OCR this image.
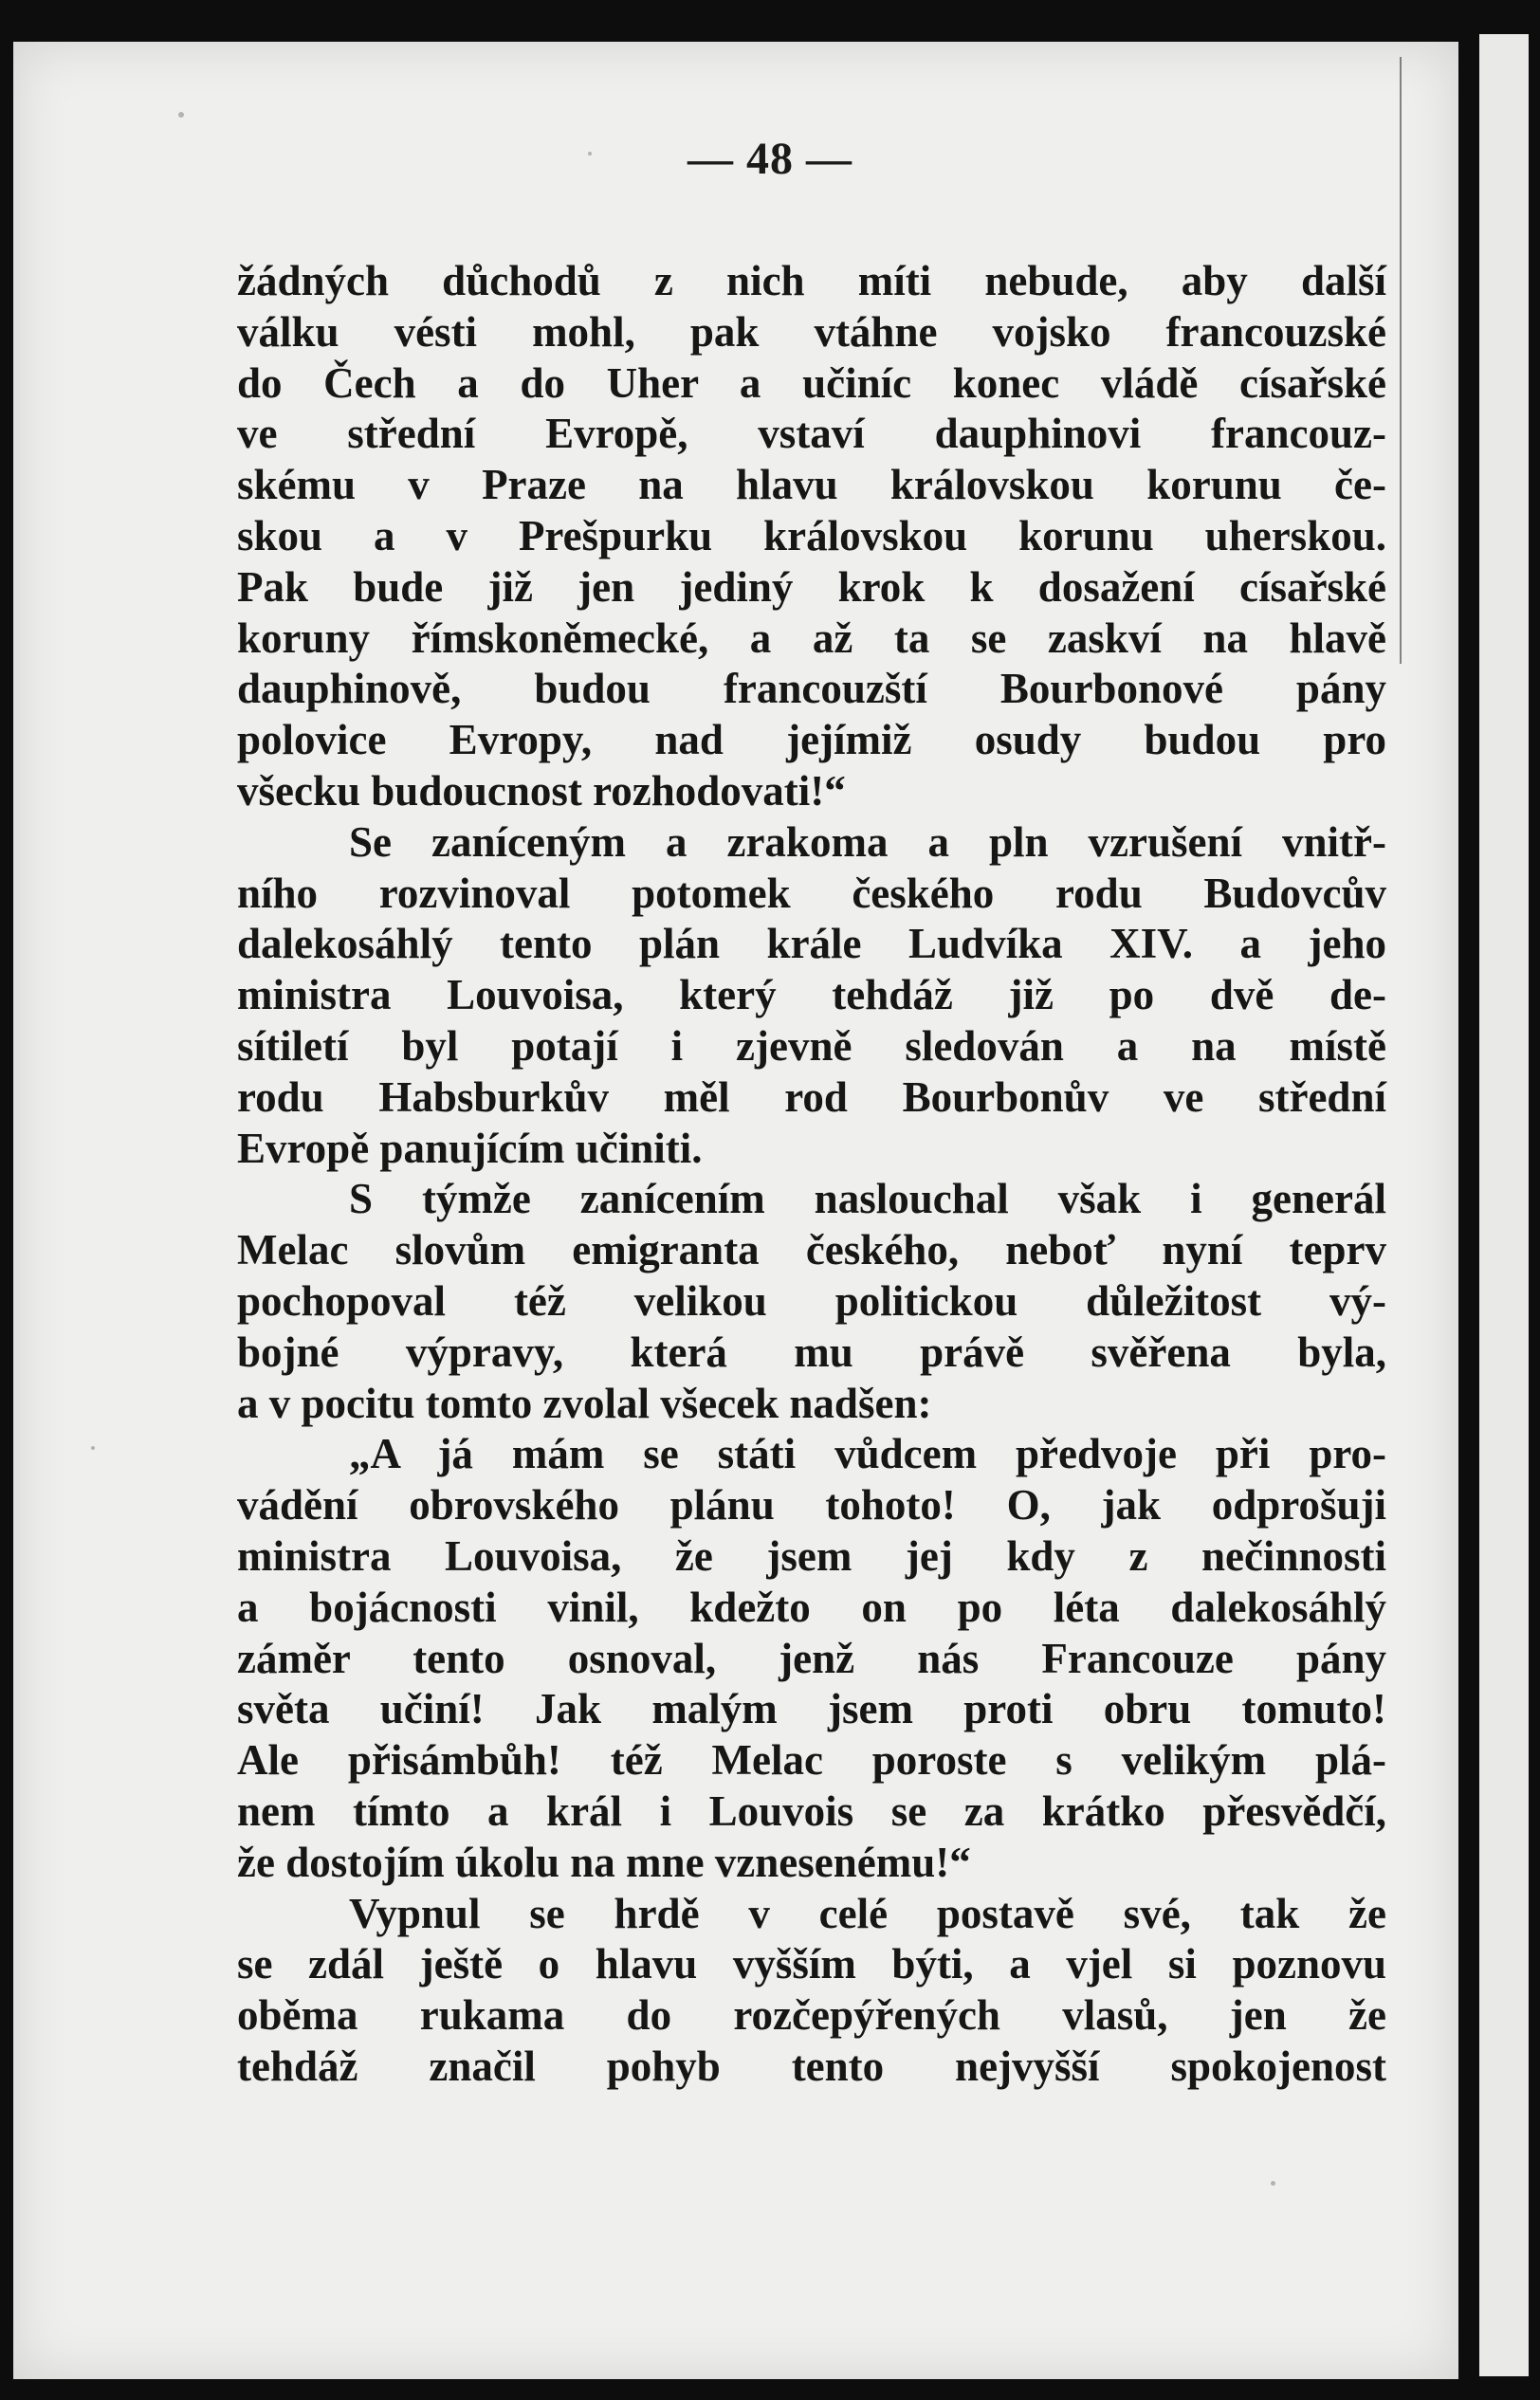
— 48 —
žádných důchodů z nich míti nebude, aby další
válku vésti mohl, pak vtáhne vojsko francouzské
do Čech a do Uher a učiníc konec vládě císařské
ve střední Evropě, vstaví dauphinovi francouz-
skému v Praze na hlavu královskou korunu če-
skou a v Prešpurku královskou korunu uherskou.
Pak bude již jen jediný krok k dosažení císařské
koruny římskoněmecké, a až ta se zaskví na hlavě
dauphinově, budou francouzští Bourbonové pány
polovice Evropy, nad jejímiž osudy budou pro
všecku budoucnost rozhodovati!“
Se zaníceným a zrakoma a pln vzrušení vnitř-
ního rozvinoval potomek českého rodu Budovcův
dalekosáhlý tento plán krále Ludvíka XIV. a jeho
ministra Louvoisa, který tehdáž již po dvě de-
sítiletí byl potají i zjevně sledován a na místě
rodu Habsburkův měl rod Bourbonův ve střední
Evropě panujícím učiniti.
S týmže zanícením naslouchal však i generál
Melac slovům emigranta českého, neboť nyní teprv
pochopoval též velikou politickou důležitost vý-
bojné výpravy, která mu právě svěřena byla,
a v pocitu tomto zvolal všecek nadšen:
„A já mám se státi vůdcem předvoje při pro-
vádění obrovského plánu tohoto! O, jak odprošuji
ministra Louvoisa, že jsem jej kdy z nečinnosti
a bojácnosti vinil, kdežto on po léta dalekosáhlý
záměr tento osnoval, jenž nás Francouze pány
světa učiní! Jak malým jsem proti obru tomuto!
Ale přisámbůh! též Melac poroste s velikým plá-
nem tímto a král i Louvois se za krátko přesvědčí,
že dostojím úkolu na mne vznesenému!“
Vypnul se hrdě v celé postavě své, tak že
se zdál ještě o hlavu vyšším býti, a vjel si poznovu
oběma rukama do rozčepýřených vlasů, jen že
tehdáž značil pohyb tento nejvyšší spokojenost
